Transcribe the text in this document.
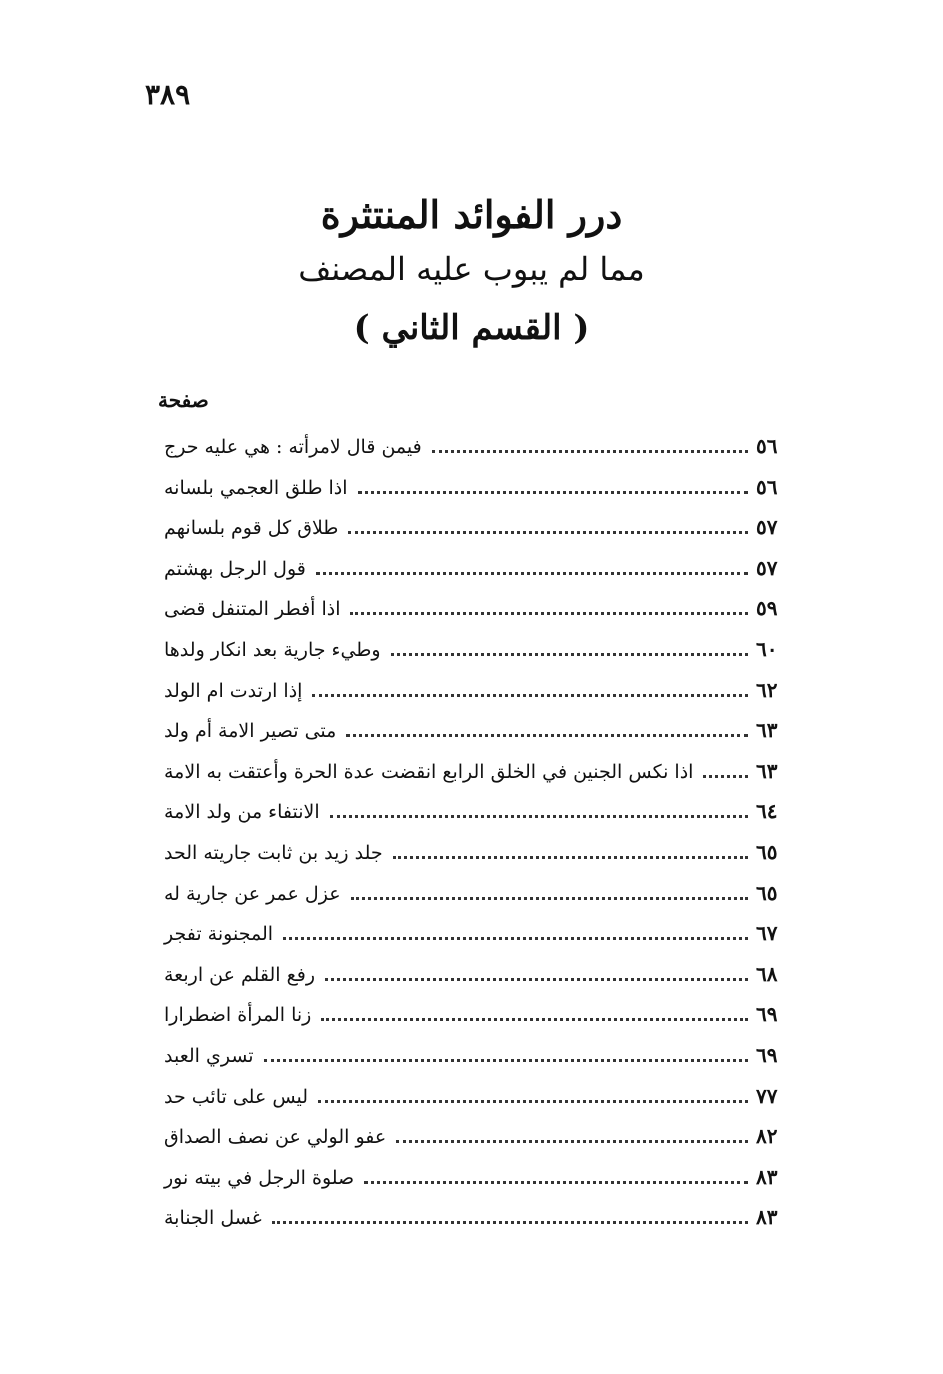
٣٨٩
درر الفوائد المنتثرة
مما لم يبوب عليه المصنف
( القسم الثاني )
صفحة
فيمن قال لامرأته : هي عليه حرج	٥٦
اذا طلق العجمي بلسانه	٥٦
طلاق كل قوم بلسانهم	٥٧
قول الرجل بهشتم	٥٧
اذا أفطر المتنفل قضى	٥٩
وطيء جارية بعد انكار ولدها	٦٠
إذا ارتدت ام الولد	٦٢
متى تصير الامة أم ولد	٦٣
اذا نكس الجنين في الخلق الرابع انقضت عدة الحرة وأعتقت به الامة	٦٣
الانتفاء من ولد الامة	٦٤
جلد زيد بن ثابت جاريته الحد	٦٥
عزل عمر عن جارية له	٦٥
المجنونة تفجر	٦٧
رفع القلم عن اربعة	٦٨
زنا المرأة اضطرارا	٦٩
تسري العبد	٦٩
ليس على تائب حد	٧٧
عفو الولي عن نصف الصداق	٨٢
صلوة الرجل في بيته نور	٨٣
غسل الجنابة	٨٣
